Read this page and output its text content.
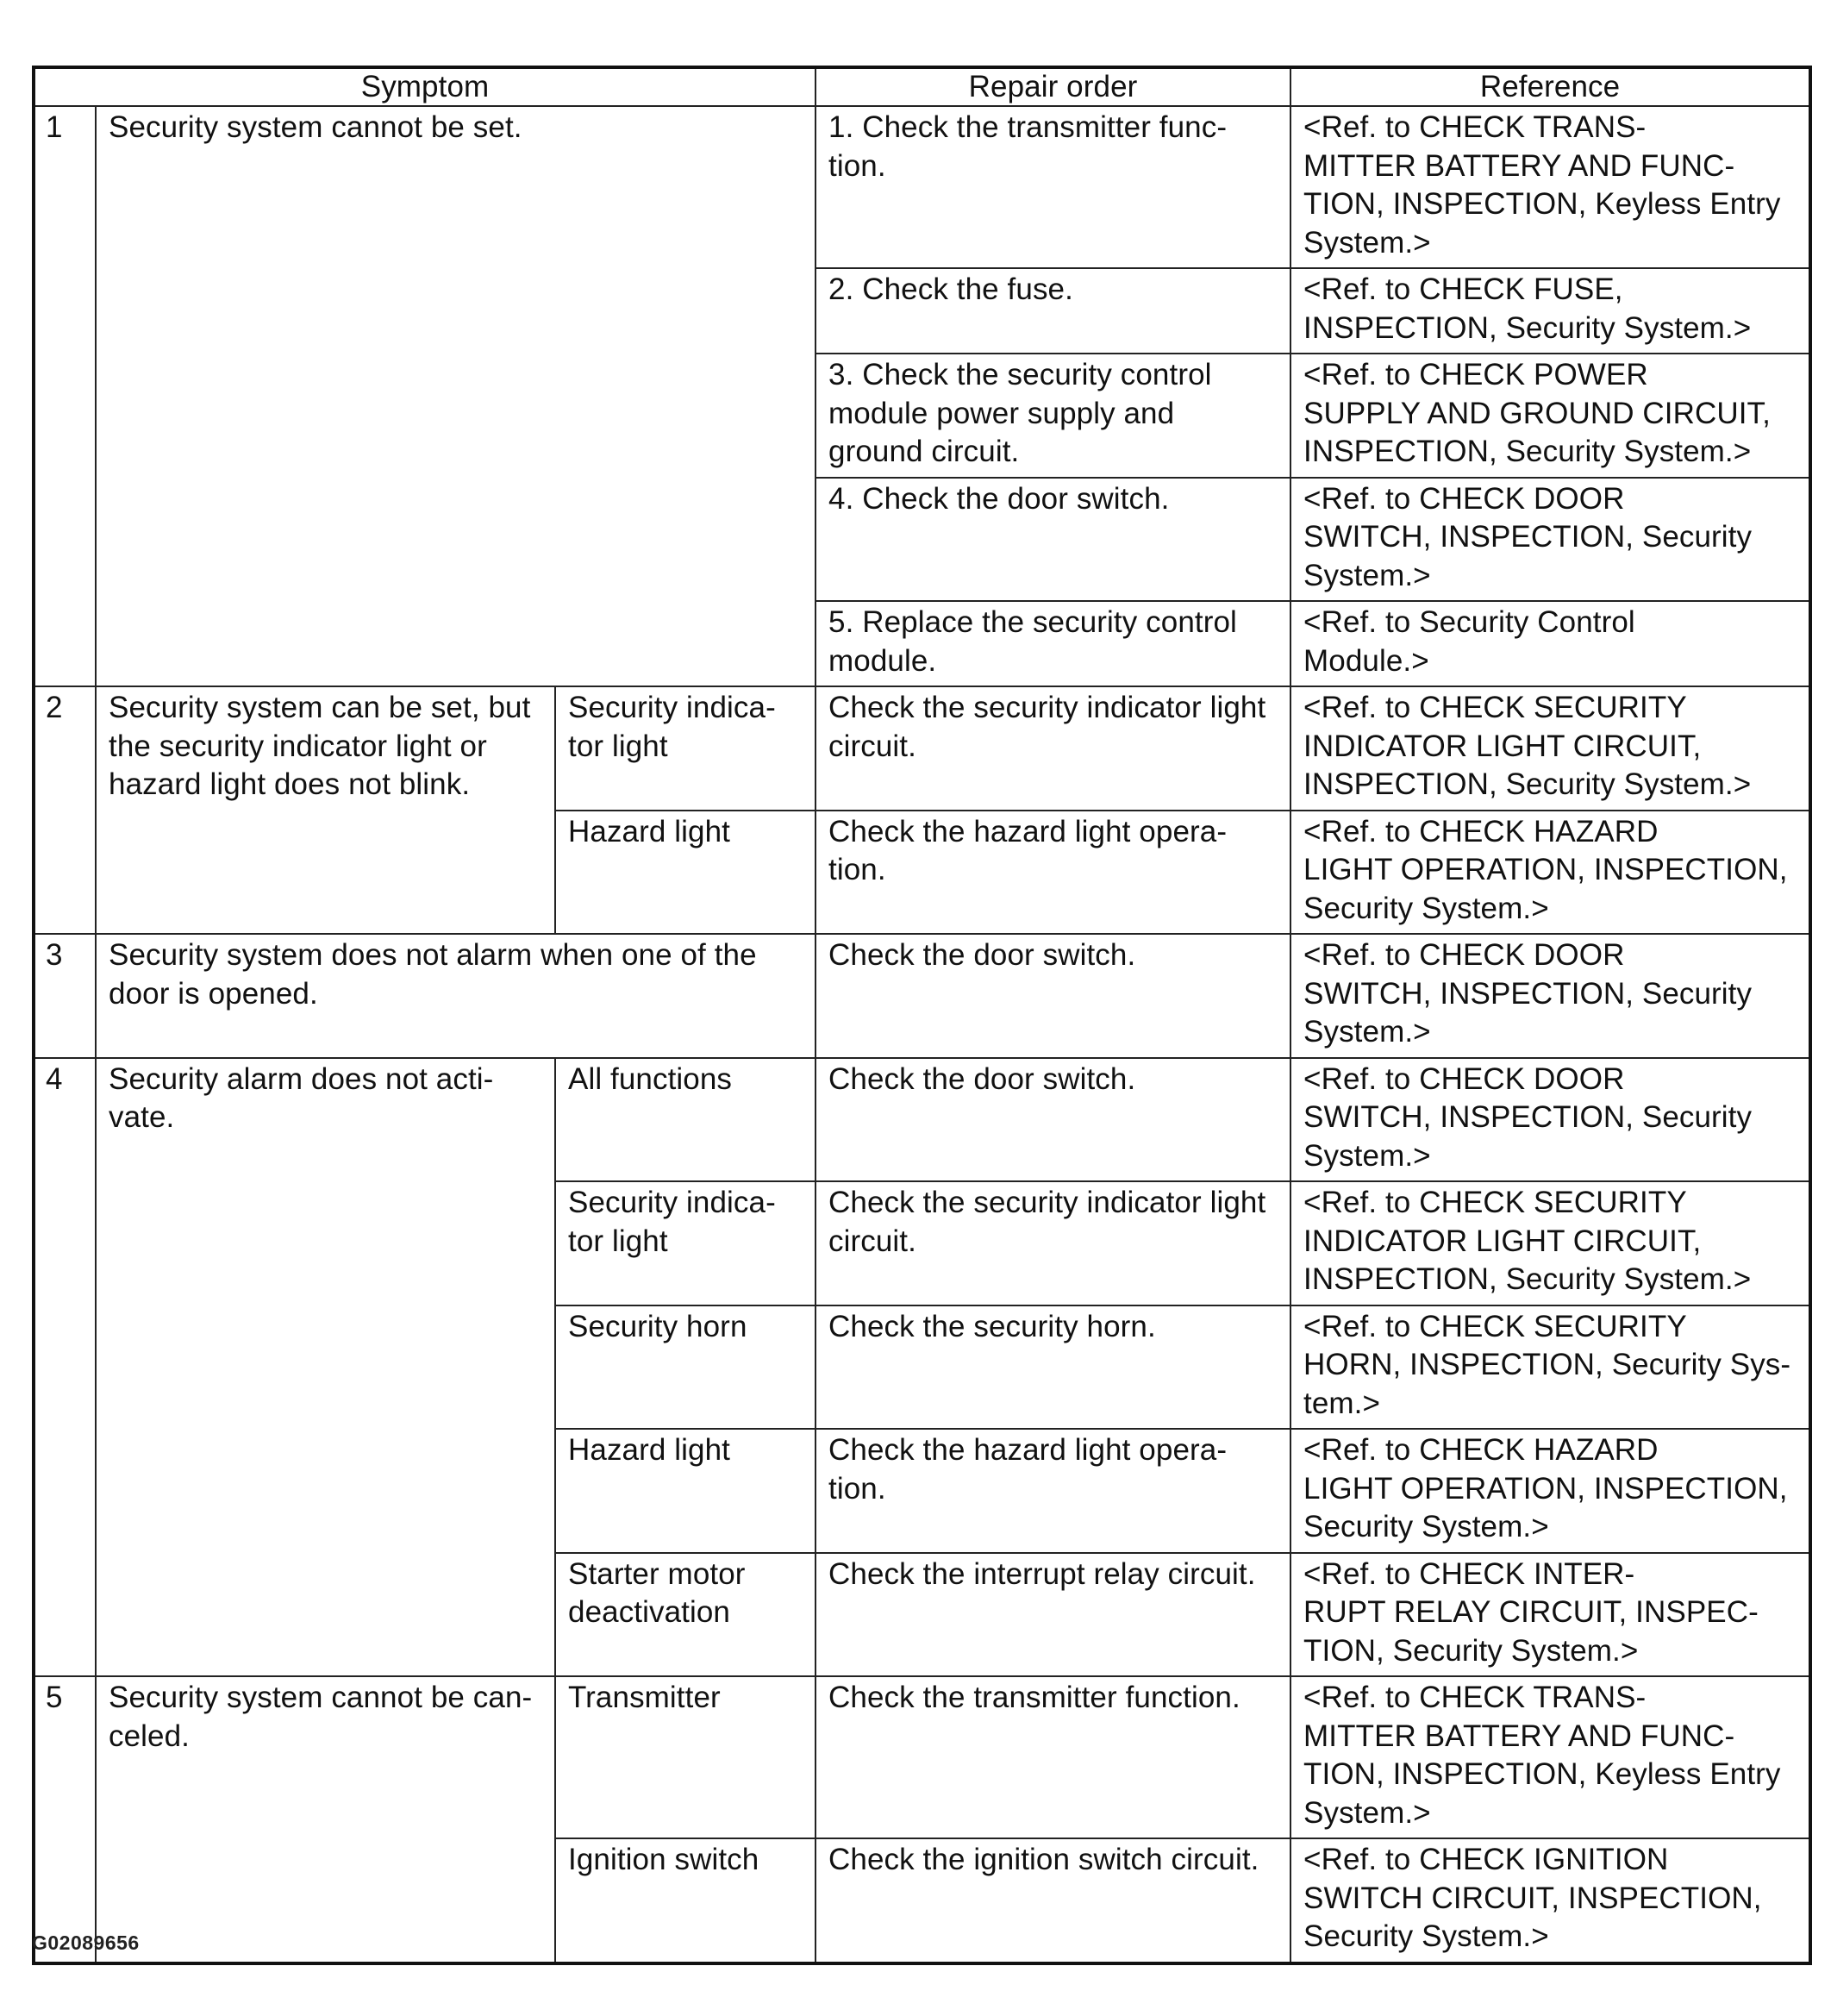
Symptom			Repair order	Reference
1	Security system cannot be set.		1. Check the transmitter func-
tion.	<Ref. to CHECK TRANS-
MITTER BATTERY AND FUNC-
TION, INSPECTION, Keyless Entry
System.>
			2. Check the fuse.	<Ref. to CHECK FUSE,
INSPECTION, Security System.>
			3. Check the security control
module power supply and
ground circuit.	<Ref. to CHECK POWER
SUPPLY AND GROUND CIRCUIT,
INSPECTION, Security System.>
			4. Check the door switch.	<Ref. to CHECK DOOR
SWITCH, INSPECTION, Security
System.>
			5. Replace the security control
module.	<Ref. to Security Control
Module.>
2	Security system can be set, but
the security indicator light or
hazard light does not blink.	Security indica-
tor light	Check the security indicator light
circuit.	<Ref. to CHECK SECURITY
INDICATOR LIGHT CIRCUIT,
INSPECTION, Security System.>
		Hazard light	Check the hazard light opera-
tion.	<Ref. to CHECK HAZARD
LIGHT OPERATION, INSPECTION,
Security System.>
3	Security system does not alarm when one of the
door is opened.		Check the door switch.	<Ref. to CHECK DOOR
SWITCH, INSPECTION, Security
System.>
4	Security alarm does not acti-
vate.	All functions	Check the door switch.	<Ref. to CHECK DOOR
SWITCH, INSPECTION, Security
System.>
		Security indica-
tor light	Check the security indicator light
circuit.	<Ref. to CHECK SECURITY
INDICATOR LIGHT CIRCUIT,
INSPECTION, Security System.>
		Security horn	Check the security horn.	<Ref. to CHECK SECURITY
HORN, INSPECTION, Security Sys-
tem.>
		Hazard light	Check the hazard light opera-
tion.	<Ref. to CHECK HAZARD
LIGHT OPERATION, INSPECTION,
Security System.>
		Starter motor
deactivation	Check the interrupt relay circuit.	<Ref. to CHECK INTER-
RUPT RELAY CIRCUIT, INSPEC-
TION, Security System.>
5	Security system cannot be can-
celed.	Transmitter	Check the transmitter function.	<Ref. to CHECK TRANS-
MITTER BATTERY AND FUNC-
TION, INSPECTION, Keyless Entry
System.>
		Ignition switch	Check the ignition switch circuit.	<Ref. to CHECK IGNITION
SWITCH CIRCUIT, INSPECTION,
Security System.>
G02089656
